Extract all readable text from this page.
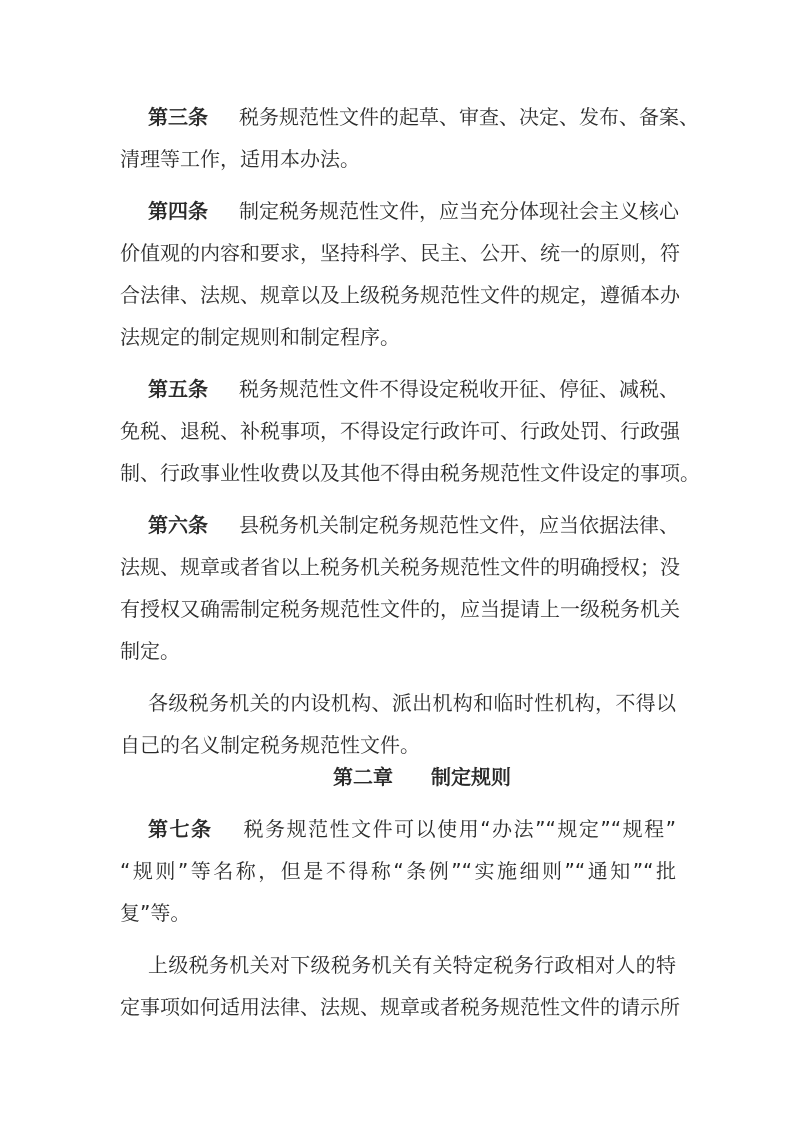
第三条 税务规范性文件的起草、审查、决定、发布、备案、
清理等工作，适用本办法。
第四条 制定税务规范性文件，应当充分体现社会主义核心
价值观的内容和要求，坚持科学、民主、公开、统一的原则，符
合法律、法规、规章以及上级税务规范性文件的规定，遵循本办
法规定的制定规则和制定程序。
第五条 税务规范性文件不得设定税收开征、停征、减税、
免税、退税、补税事项，不得设定行政许可、行政处罚、行政强
制、行政事业性收费以及其他不得由税务规范性文件设定的事项。
第六条 县税务机关制定税务规范性文件，应当依据法律、
法规、规章或者省以上税务机关税务规范性文件的明确授权；没
有授权又确需制定税务规范性文件的，应当提请上一级税务机关
制定。
各级税务机关的内设机构、派出机构和临时性机构，不得以
自己的名义制定税务规范性文件。
第二章 制定规则
第七条 税务规范性文件可以使用“办法”“规定”“规程”
“规则”等名称，但是不得称“条例”“实施细则”“通知”“批
复”等。
上级税务机关对下级税务机关有关特定税务行政相对人的特
定事项如何适用法律、法规、规章或者税务规范性文件的请示所
